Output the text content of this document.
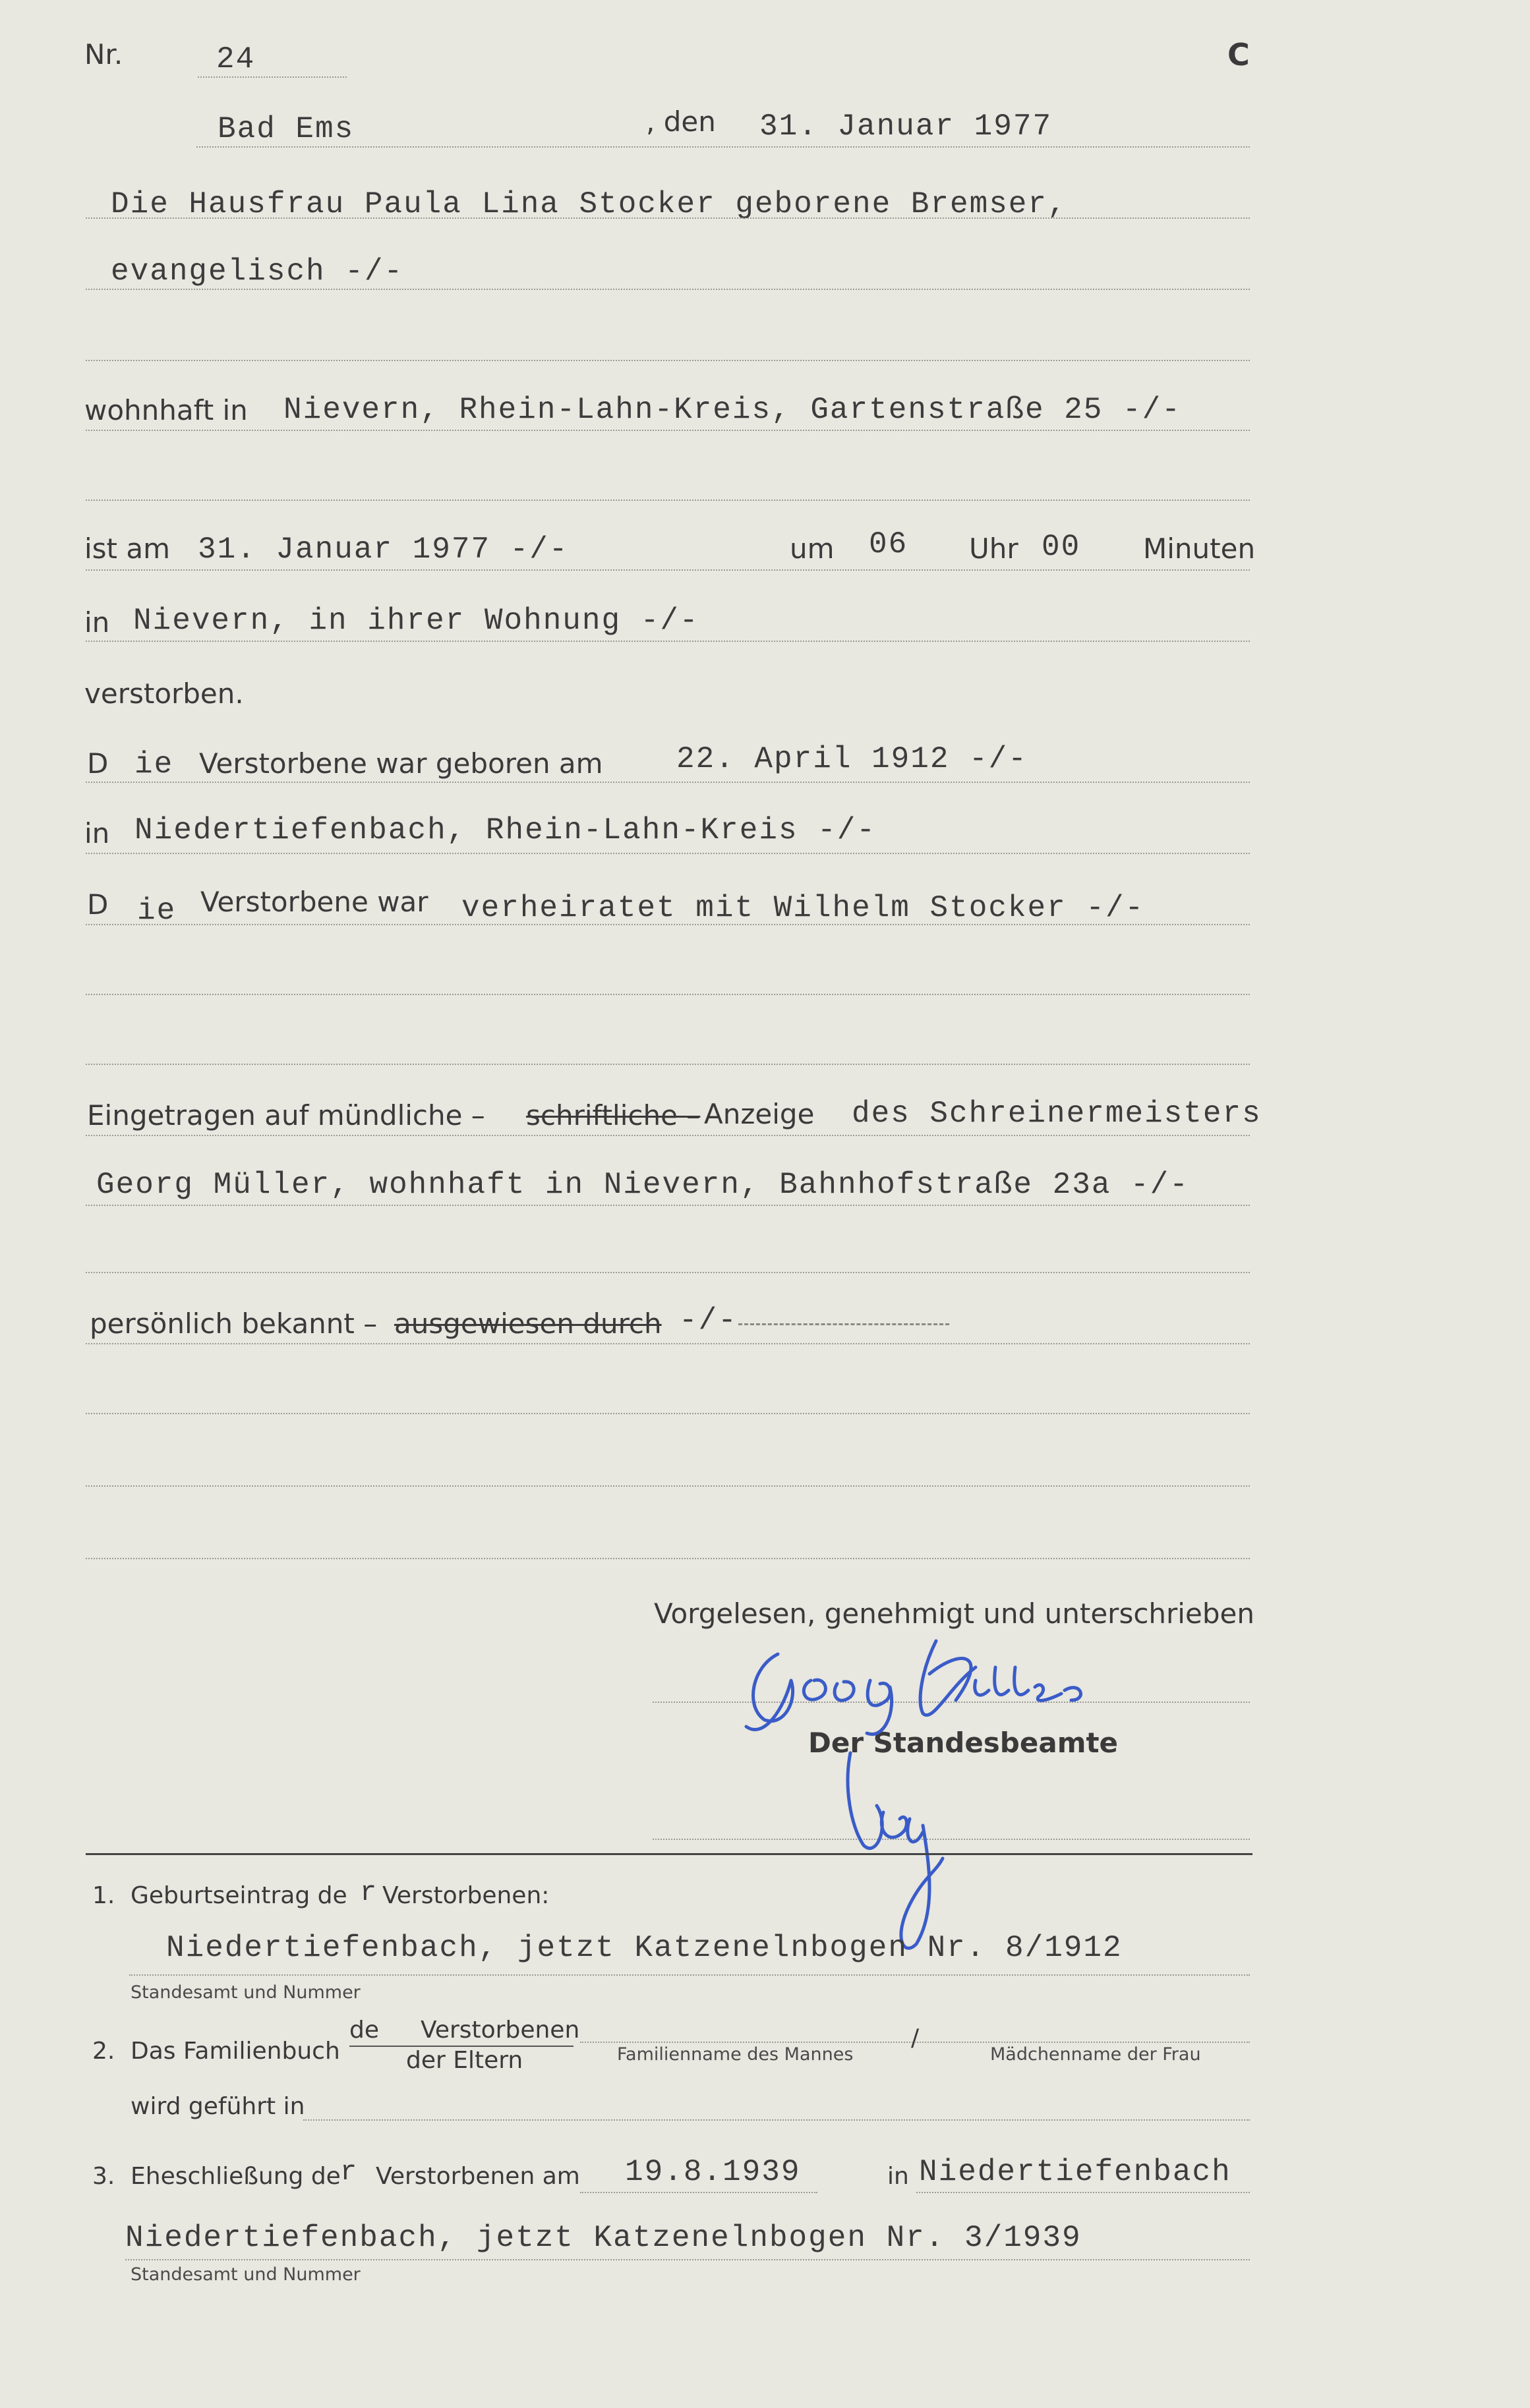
Nr.	24	C
Bad Ems	, den 31. Januar 1977
Die Hausfrau Paula Lina Stocker geborene Bremser,
evangelisch -/-
wohnhaft in Nievern, Rhein-Lahn-Kreis, Gartenstraße 25 -/-
ist am 31. Januar 1977 -/-	um 06 Uhr 00 Minuten
in Nievern, in ihrer Wohnung -/-
verstorben.
D ie Verstorbene war geboren am 22. April 1912 -/-
in Niedertiefenbach, Rhein-Lahn-Kreis -/-
D ie Verstorbene war verheiratet mit Wilhelm Stocker -/-
Eingetragen auf mündliche – schriftliche – Anzeige des Schreinermeisters
Georg Müller, wohnhaft in Nievern, Bahnhofstraße 23a -/-
persönlich bekannt – ausgewiesen durch -/-
Vorgelesen, genehmigt und unterschrieben
Der Standesbeamte
1. Geburtseintrag de r Verstorbenen:
Niedertiefenbach, jetzt Katzenelnbogen Nr. 8/1912
Standesamt und Nummer
2. Das Familienbuch
de Verstorbenen
der Eltern	Familienname des Mannes
/
Mädchenname der Frau
wird geführt in
3. Eheschließung de r Verstorbenen am 19.8.1939	in Niedertiefenbach
Niedertiefenbach, jetzt Katzenelnbogen Nr. 3/1939
Standesamt und Nummer
